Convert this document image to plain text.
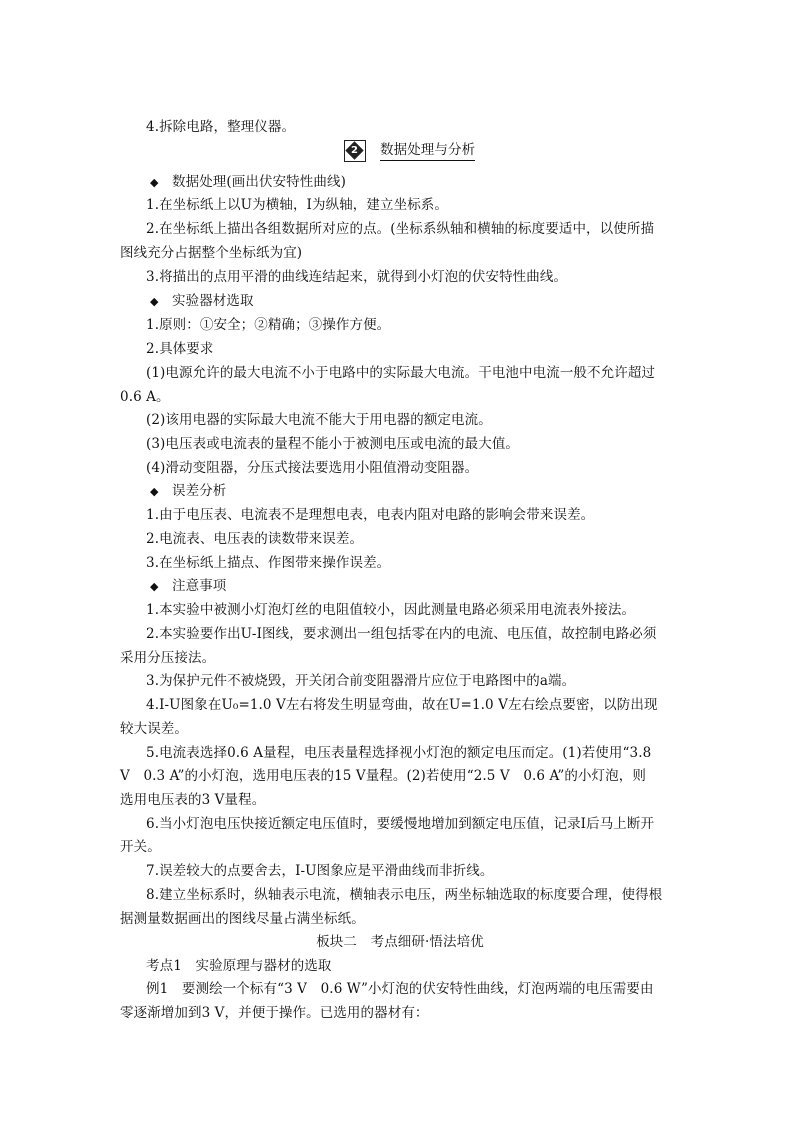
4.拆除电路，整理仪器。
◆ 数据处理(画出伏安特性曲线)
1.在坐标纸上以U为横轴，I为纵轴，建立坐标系。
2.在坐标纸上描出各组数据所对应的点。(坐标系纵轴和横轴的标度要适中，以使所描
图线充分占据整个坐标纸为宜)
3.将描出的点用平滑的曲线连结起来，就得到小灯泡的伏安特性曲线。
◆ 实验器材选取
1.原则：①安全；②精确；③操作方便。
2.具体要求
(1)电源允许的最大电流不小于电路中的实际最大电流。干电池中电流一般不允许超过
0.6 A。
(2)该用电器的实际最大电流不能大于用电器的额定电流。
(3)电压表或电流表的量程不能小于被测电压或电流的最大值。
(4)滑动变阻器，分压式接法要选用小阻值滑动变阻器。
◆ 误差分析
1.由于电压表、电流表不是理想电表，电表内阻对电路的影响会带来误差。
2.电流表、电压表的读数带来误差。
3.在坐标纸上描点、作图带来操作误差。
◆ 注意事项
1.本实验中被测小灯泡灯丝的电阻值较小，因此测量电路必须采用电流表外接法。
2.本实验要作出U-I图线，要求测出一组包括零在内的电流、电压值，故控制电路必须
采用分压接法。
3.为保护元件不被烧毁，开关闭合前变阻器滑片应位于电路图中的a端。
4.I-U图象在U₀=1.0 V左右将发生明显弯曲，故在U=1.0 V左右绘点要密，以防出现
较大误差。
5.电流表选择0.6 A量程，电压表量程选择视小灯泡的额定电压而定。(1)若使用“3.8
V　0.3 A”的小灯泡，选用电压表的15 V量程。(2)若使用“2.5 V　0.6 A”的小灯泡，则
选用电压表的3 V量程。
6.当小灯泡电压快接近额定电压值时，要缓慢地增加到额定电压值，记录I后马上断开
开关。
7.误差较大的点要舍去，I-U图象应是平滑曲线而非折线。
8.建立坐标系时，纵轴表示电流，横轴表示电压，两坐标轴选取的标度要合理，使得根
据测量数据画出的图线尽量占满坐标纸。
板块二　考点细研·悟法培优
考点1　实验原理与器材的选取
例1　要测绘一个标有“3 V　0.6 W”小灯泡的伏安特性曲线，灯泡两端的电压需要由
零逐渐增加到3 V，并便于操作。已选用的器材有：
2	数据处理与分析
